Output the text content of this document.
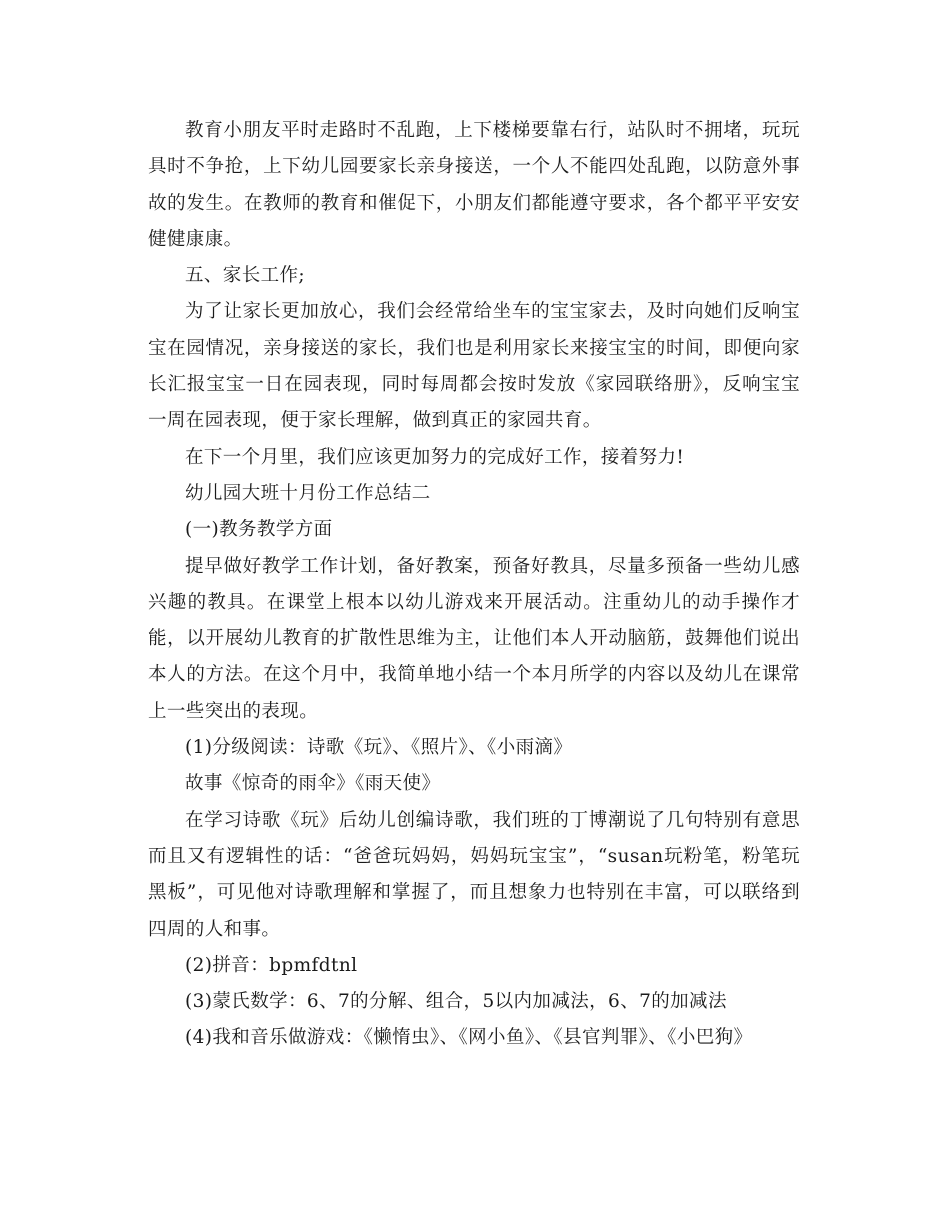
教育小朋友平时走路时不乱跑，上下楼梯要靠右行，站队时不拥堵，玩玩具时不争抢，上下幼儿园要家长亲身接送，一个人不能四处乱跑，以防意外事故的发生。在教师的教育和催促下，小朋友们都能遵守要求，各个都平平安安健健康康。

五、家长工作;

为了让家长更加放心，我们会经常给坐车的宝宝家去，及时向她们反响宝宝在园情况，亲身接送的家长，我们也是利用家长来接宝宝的时间，即便向家长汇报宝宝一日在园表现，同时每周都会按时发放《家园联络册》，反响宝宝一周在园表现，便于家长理解，做到真正的家园共育。

在下一个月里，我们应该更加努力的完成好工作，接着努力!

幼儿园大班十月份工作总结二

(一)教务教学方面

提早做好教学工作计划，备好教案，预备好教具，尽量多预备一些幼儿感兴趣的教具。在课堂上根本以幼儿游戏来开展活动。注重幼儿的动手操作才能，以开展幼儿教育的扩散性思维为主，让他们本人开动脑筋，鼓舞他们说出本人的方法。在这个月中，我简单地小结一个本月所学的内容以及幼儿在课常上一些突出的表现。

(1)分级阅读：诗歌《玩》、《照片》、《小雨滴》

故事《惊奇的雨伞》《雨天使》

在学习诗歌《玩》后幼儿创编诗歌，我们班的丁博潮说了几句特别有意思而且又有逻辑性的话：“爸爸玩妈妈，妈妈玩宝宝”，“susan玩粉笔，粉笔玩黑板”，可见他对诗歌理解和掌握了，而且想象力也特别在丰富，可以联络到四周的人和事。

(2)拼音：bpmfdtnl

(3)蒙氏数学：6、7的分解、组合，5以内加减法，6、7的加减法

(4)我和音乐做游戏：《懒惰虫》、《网小鱼》、《县官判罪》、《小巴狗》
